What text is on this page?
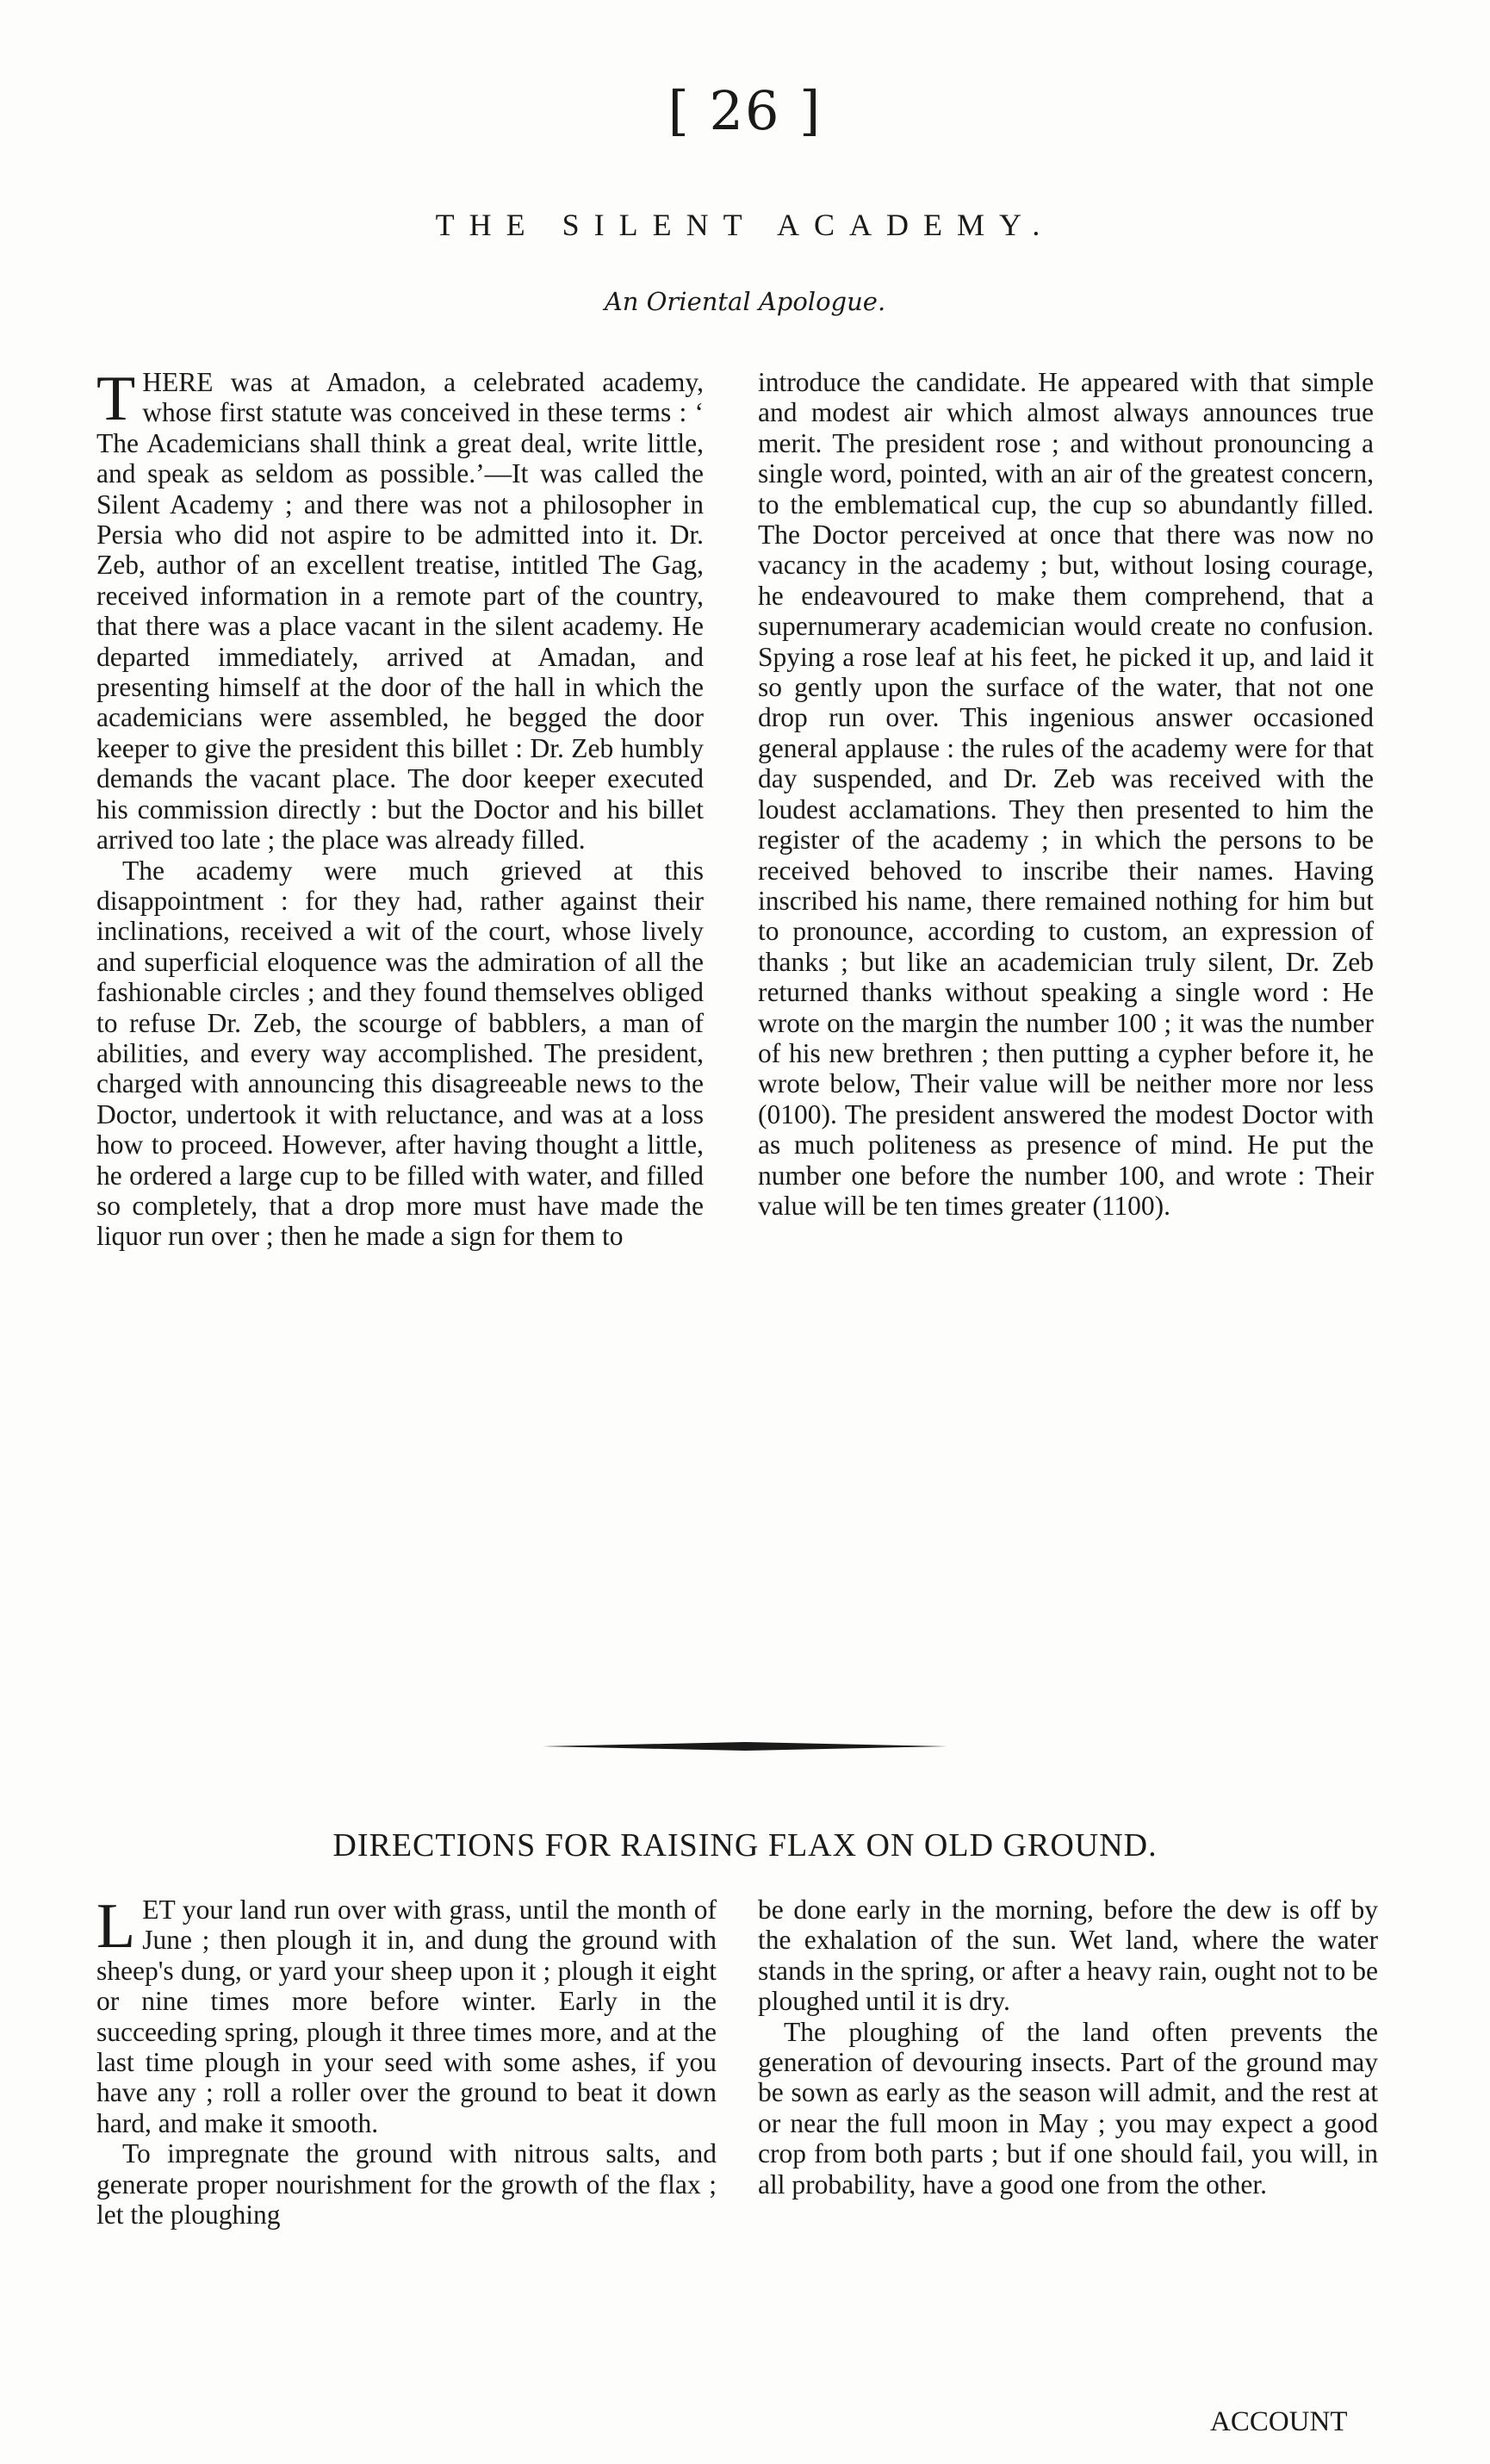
[ 26 ]
THE SILENT ACADEMY.
An Oriental Apologue.

THERE was at Amadon, a celebrated academy, whose first statute was conceived in these terms : ‘ The Academicians shall think a great deal, write little, and speak as seldom as possible.’—It was called the Silent Academy ; and there was not a philosopher in Persia who did not aspire to be admitted into it. Dr. Zeb, author of an excellent treatise, intitled The Gag, received information in a remote part of the country, that there was a place vacant in the silent academy. He departed immediately, arrived at Amadan, and presenting himself at the door of the hall in which the academicians were assembled, he begged the door keeper to give the president this billet : Dr. Zeb humbly demands the vacant place. The door keeper executed his commission directly : but the Doctor and his billet arrived too late ; the place was already filled.

The academy were much grieved at this disappointment : for they had, rather against their inclinations, received a wit of the court, whose lively and superficial eloquence was the admiration of all the fashionable circles ; and they found themselves obliged to refuse Dr. Zeb, the scourge of babblers, a man of abilities, and every way accomplished. The president, charged with announcing this disagreeable news to the Doctor, undertook it with reluctance, and was at a loss how to proceed. However, after having thought a little, he ordered a large cup to be filled with water, and filled so completely, that a drop more must have made the liquor run over ; then he made a sign for them to

introduce the candidate. He appeared with that simple and modest air which almost always announces true merit. The president rose ; and without pronouncing a single word, pointed, with an air of the greatest concern, to the emblematical cup, the cup so abundantly filled. The Doctor perceived at once that there was now no vacancy in the academy ; but, without losing courage, he endeavoured to make them comprehend, that a supernumerary academician would create no confusion. Spying a rose leaf at his feet, he picked it up, and laid it so gently upon the surface of the water, that not one drop run over. This ingenious answer occasioned general applause : the rules of the academy were for that day suspended, and Dr. Zeb was received with the loudest acclamations. They then presented to him the register of the academy ; in which the persons to be received behoved to inscribe their names. Having inscribed his name, there remained nothing for him but to pronounce, according to custom, an expression of thanks ; but like an academician truly silent, Dr. Zeb returned thanks without speaking a single word : He wrote on the margin the number 100 ; it was the number of his new brethren ; then putting a cypher before it, he wrote below, Their value will be neither more nor less (0100). The president answered the modest Doctor with as much politeness as presence of mind. He put the number one before the number 100, and wrote : Their value will be ten times greater (1100).

DIRECTIONS FOR RAISING FLAX ON OLD GROUND.

LET your land run over with grass, until the month of June ; then plough it in, and dung the ground with sheep's dung, or yard your sheep upon it ; plough it eight or nine times more before winter. Early in the succeeding spring, plough it three times more, and at the last time plough in your seed with some ashes, if you have any ; roll a roller over the ground to beat it down hard, and make it smooth.

To impregnate the ground with nitrous salts, and generate proper nourishment for the growth of the flax ; let the ploughing

be done early in the morning, before the dew is off by the exhalation of the sun. Wet land, where the water stands in the spring, or after a heavy rain, ought not to be ploughed until it is dry.

The ploughing of the land often prevents the generation of devouring insects. Part of the ground may be sown as early as the season will admit, and the rest at or near the full moon in May ; you may expect a good crop from both parts ; but if one should fail, you will, in all probability, have a good one from the other.

ACCOUNT
